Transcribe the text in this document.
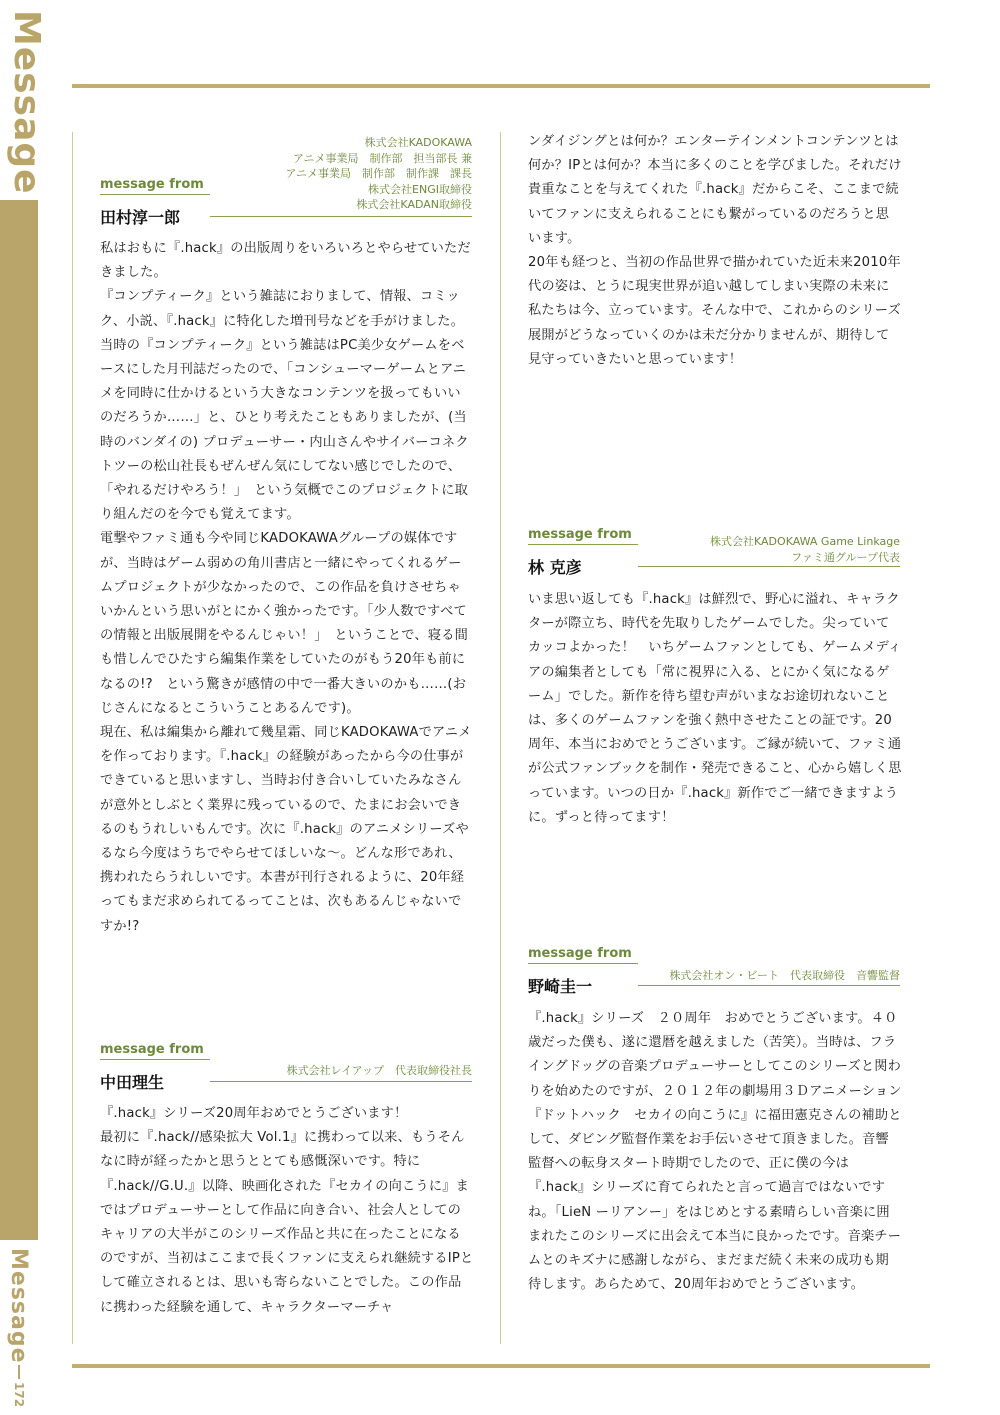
Message
Message
172
message from
田村淳一郎
株式会社KADOKAWA
アニメ事業局　制作部　担当部長 兼
アニメ事業局　制作部　制作課　課長
株式会社ENGI取締役
株式会社KADAN取締役

私はおもに『.hack』の出版周りをいろいろとやらせていただきました。

『コンプティーク』という雑誌におりまして、情報、コミック、小説、『.hack』に特化した増刊号などを手がけました。

当時の『コンプティーク』という雑誌はPC美少女ゲームをベースにした月刊誌だったので、「コンシューマーゲームとアニメを同時に仕かけるという大きなコンテンツを扱ってもいいのだろうか……」と、ひとり考えたこともありましたが、(当時のバンダイの) プロデューサー・内山さんやサイバーコネクトツーの松山社長もぜんぜん気にしてない感じでしたので、「やれるだけやろう！」　という気概でこのプロジェクトに取り組んだのを今でも覚えてます。

電撃やファミ通も今や同じKADOKAWAグループの媒体ですが、当時はゲーム弱めの角川書店と一緒にやってくれるゲームプロジェクトが少なかったので、この作品を負けさせちゃいかんという思いがとにかく強かったです。「少人数ですべての情報と出版展開をやるんじゃい！」　ということで、寝る間も惜しんでひたすら編集作業をしていたのがもう20年も前になるの!?　という驚きが感情の中で一番大きいのかも……(おじさんになるとこういうことあるんです)。

現在、私は編集から離れて幾星霜、同じKADOKAWAでアニメを作っております。『.hack』の経験があったから今の仕事ができていると思いますし、当時お付き合いしていたみなさんが意外としぶとく業界に残っているので、たまにお会いできるのもうれしいもんです。次に『.hack』のアニメシリーズやるなら今度はうちでやらせてほしいな〜。どんな形であれ、携われたらうれしいです。本書が刊行されるように、20年経ってもまだ求められてるってことは、次もあるんじゃないですか!?

message from
中田理生
株式会社レイアップ　代表取締役社長

『.hack』シリーズ20周年おめでとうございます！

最初に『.hack//感染拡大 Vol.1』に携わって以来、もうそんなに時が経ったかと思うととても感慨深いです。特に『.hack//G.U.』以降、映画化された『セカイの向こうに』まではプロデューサーとして作品に向き合い、社会人としてのキャリアの大半がこのシリーズ作品と共に在ったことになるのですが、当初はここまで長くファンに支えられ継続するIPとして確立されるとは、思いも寄らないことでした。この作品に携わった経験を通して、キャラクターマーチャ

ンダイジングとは何か？エンターテインメントコンテンツとは何か？IPとは何か？本当に多くのことを学びました。それだけ貴重なことを与えてくれた『.hack』だからこそ、ここまで続いてファンに支えられることにも繋がっているのだろうと思います。

20年も経つと、当初の作品世界で描かれていた近未来2010年代の姿は、とうに現実世界が追い越してしまい実際の未来に私たちは今、立っています。そんな中で、これからのシリーズ展開がどうなっていくのかは未だ分かりませんが、期待して見守っていきたいと思っています！

message from
林 克彦
株式会社KADOKAWA Game Linkage
ファミ通グループ代表

いま思い返しても『.hack』は鮮烈で、野心に溢れ、キャラクターが際立ち、時代を先取りしたゲームでした。尖っていてカッコよかった！　いちゲームファンとしても、ゲームメディアの編集者としても「常に視界に入る、とにかく気になるゲーム」でした。新作を待ち望む声がいまなお途切れないことは、多くのゲームファンを強く熱中させたことの証です。20周年、本当におめでとうございます。ご縁が続いて、ファミ通が公式ファンブックを制作・発売できること、心から嬉しく思っています。いつの日か『.hack』新作でご一緒できますように。ずっと待ってます！

message from
野崎圭一
株式会社オン・ビート　代表取締役　音響監督

『.hack』シリーズ　２０周年　おめでとうございます。４０歳だった僕も、遂に還暦を越えました（苦笑）。当時は、フライングドッグの音楽プロデューサーとしてこのシリーズと関わりを始めたのですが、２０１２年の劇場用３Ｄアニメーション『ドットハック　セカイの向こうに』に福田憲克さんの補助として、ダビング監督作業をお手伝いさせて頂きました。音響監督への転身スタート時期でしたので、正に僕の今は『.hack』シリーズに育てられたと言って過言ではないですね。「LieN ーリアンー」をはじめとする素晴らしい音楽に囲まれたこのシリーズに出会えて本当に良かったです。音楽チームとのキズナに感謝しながら、まだまだ続く未来の成功も期待します。あらためて、20周年おめでとうございます。
